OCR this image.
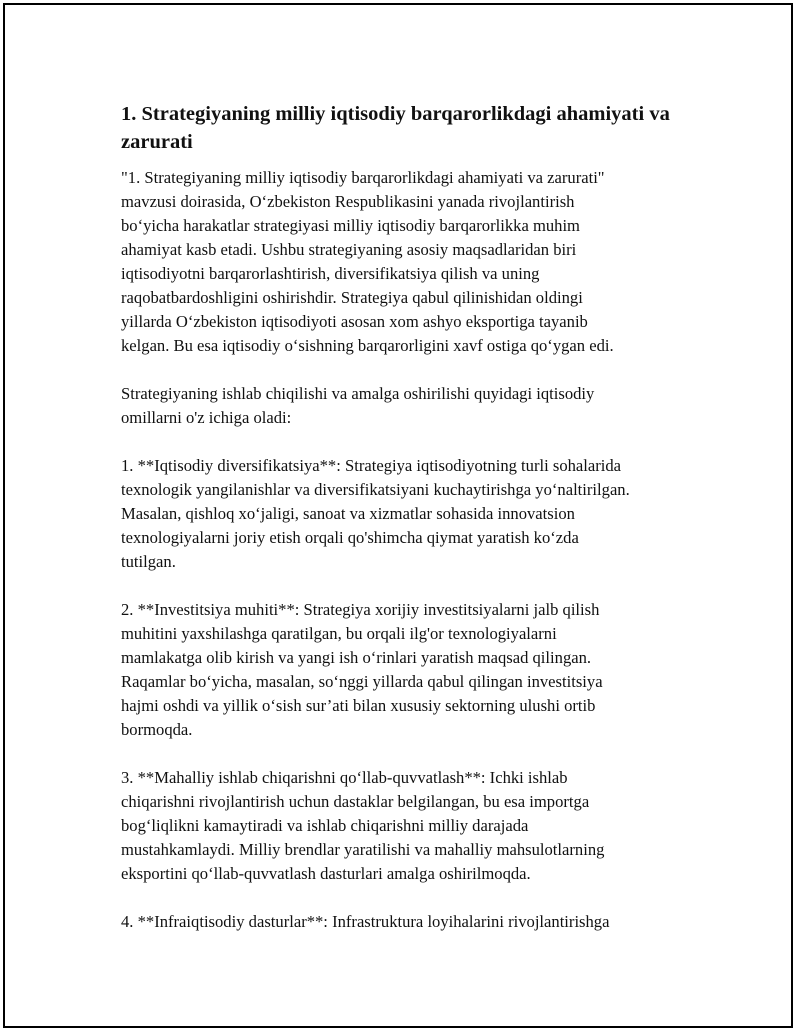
1. Strategiyaning milliy iqtisodiy barqarorlikdagi ahamiyati va zarurati

"1. Strategiyaning milliy iqtisodiy barqarorlikdagi ahamiyati va zarurati"
mavzusi doirasida, O‘zbekiston Respublikasini yanada rivojlantirish
bo‘yicha harakatlar strategiyasi milliy iqtisodiy barqarorlikka muhim
ahamiyat kasb etadi. Ushbu strategiyaning asosiy maqsadlaridan biri
iqtisodiyotni barqarorlashtirish, diversifikatsiya qilish va uning
raqobatbardoshligini oshirishdir. Strategiya qabul qilinishidan oldingi
yillarda O‘zbekiston iqtisodiyoti asosan xom ashyo eksportiga tayanib
kelgan. Bu esa iqtisodiy o‘sishning barqarorligini xavf ostiga qo‘ygan edi.

Strategiyaning ishlab chiqilishi va amalga oshirilishi quyidagi iqtisodiy
omillarni o'z ichiga oladi:

1. **Iqtisodiy diversifikatsiya**: Strategiya iqtisodiyotning turli sohalarida
texnologik yangilanishlar va diversifikatsiyani kuchaytirishga yo‘naltirilgan.
Masalan, qishloq xo‘jaligi, sanoat va xizmatlar sohasida innovatsion
texnologiyalarni joriy etish orqali qo'shimcha qiymat yaratish ko‘zda
tutilgan.

2. **Investitsiya muhiti**: Strategiya xorijiy investitsiyalarni jalb qilish
muhitini yaxshilashga qaratilgan, bu orqali ilg'or texnologiyalarni
mamlakatga olib kirish va yangi ish o‘rinlari yaratish maqsad qilingan.
Raqamlar bo‘yicha, masalan, so‘nggi yillarda qabul qilingan investitsiya
hajmi oshdi va yillik o‘sish sur’ati bilan xususiy sektorning ulushi ortib
bormoqda.

3. **Mahalliy ishlab chiqarishni qo‘llab-quvvatlash**: Ichki ishlab
chiqarishni rivojlantirish uchun dastaklar belgilangan, bu esa importga
bog‘liqlikni kamaytiradi va ishlab chiqarishni milliy darajada
mustahkamlaydi. Milliy brendlar yaratilishi va mahalliy mahsulotlarning
eksportini qo‘llab-quvvatlash dasturlari amalga oshirilmoqda.

4. **Infraiqtisodiy dasturlar**: Infrastruktura loyihalarini rivojlantirishga
